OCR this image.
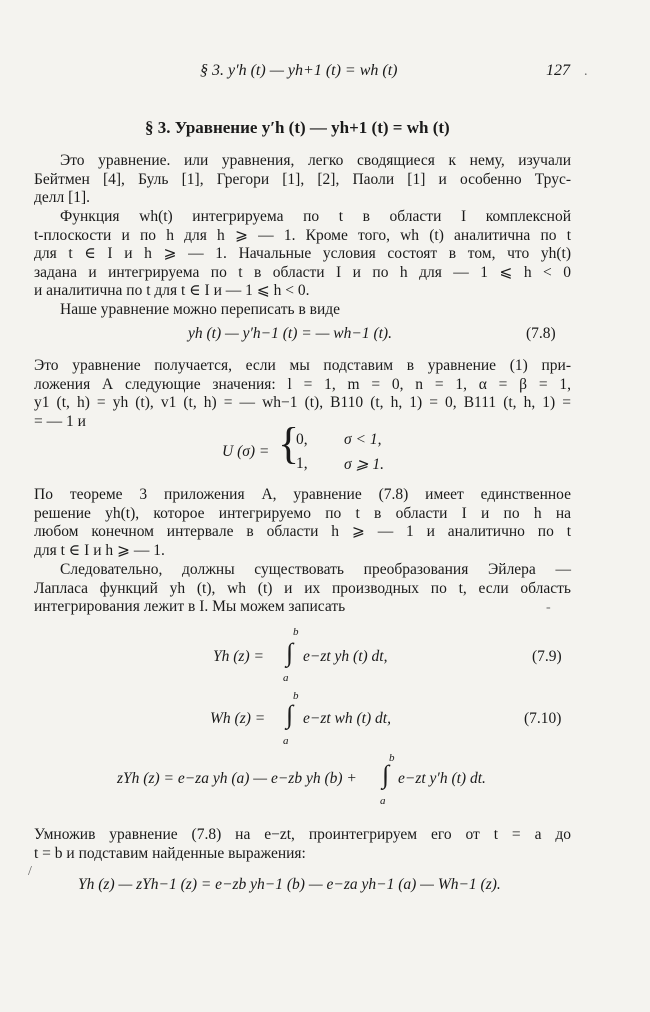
§ 3. y′h (t) — yh+1 (t) = wh (t)	127
§ 3. Уравнение y′h (t) — yh+1 (t) = wh (t)
Это уравнение. или уравнения, легко сводящиеся к нему, изучали
Бейтмен [4], Буль [1], Грегори [1], [2], Паоли [1] и особенно Трус-
делл [1].
Функция wh(t) интегрируема по t в области I комплексной
t-плоскости и по h для h ⩾ — 1. Кроме того, wh (t) аналитична по t
для t ∈ I и h ⩾ — 1. Начальные условия состоят в том, что yh(t)
задана и интегрируема по t в области I и по h для — 1 ⩽ h < 0
и аналитична по t для t ∈ I и — 1 ⩽ h < 0.
Наше уравнение можно переписать в виде
yh (t) — y′h−1 (t) = — wh−1 (t).	(7.8)
Это уравнение получается, если мы подставим в уравнение (1) при-
ложения А следующие значения: l = 1, m = 0, n = 1, α = β = 1,
y1 (t, h) = yh (t), v1 (t, h) = — wh−1 (t), B110 (t, h, 1) = 0, B111 (t, h, 1) =
= — 1 и
U (σ) = {
0, σ < 1,
1, σ ⩾ 1.
По теореме 3 приложения А, уравнение (7.8) имеет единственное
решение yh(t), которое интегрируемо по t в области I и по h на
любом конечном интервале в области h ⩾ — 1 и аналитично по t
для t ∈ I и h ⩾ — 1.
Следовательно, должны существовать преобразования Эйлера —
Лапласа функций yh (t), wh (t) и их производных по t, если область
интегрирования лежит в I. Мы можем записать
b
Yh (z) = ∫ e−zt yh (t) dt,
a
(7.9)
b
Wh (z) = ∫ e−zt wh (t) dt,
a
(7.10)
b
zYh (z) = e−za yh (a) — e−zb yh (b) + ∫ e−zt y′h (t) dt.
a
Умножив уравнение (7.8) на e−zt, проинтегрируем его от t = a до
t = b и подставим найденные выражения:
Yh (z) — zYh−1 (z) = e−zb yh−1 (b) — e−za yh−1 (a) — Wh−1 (z).
.
-
/
